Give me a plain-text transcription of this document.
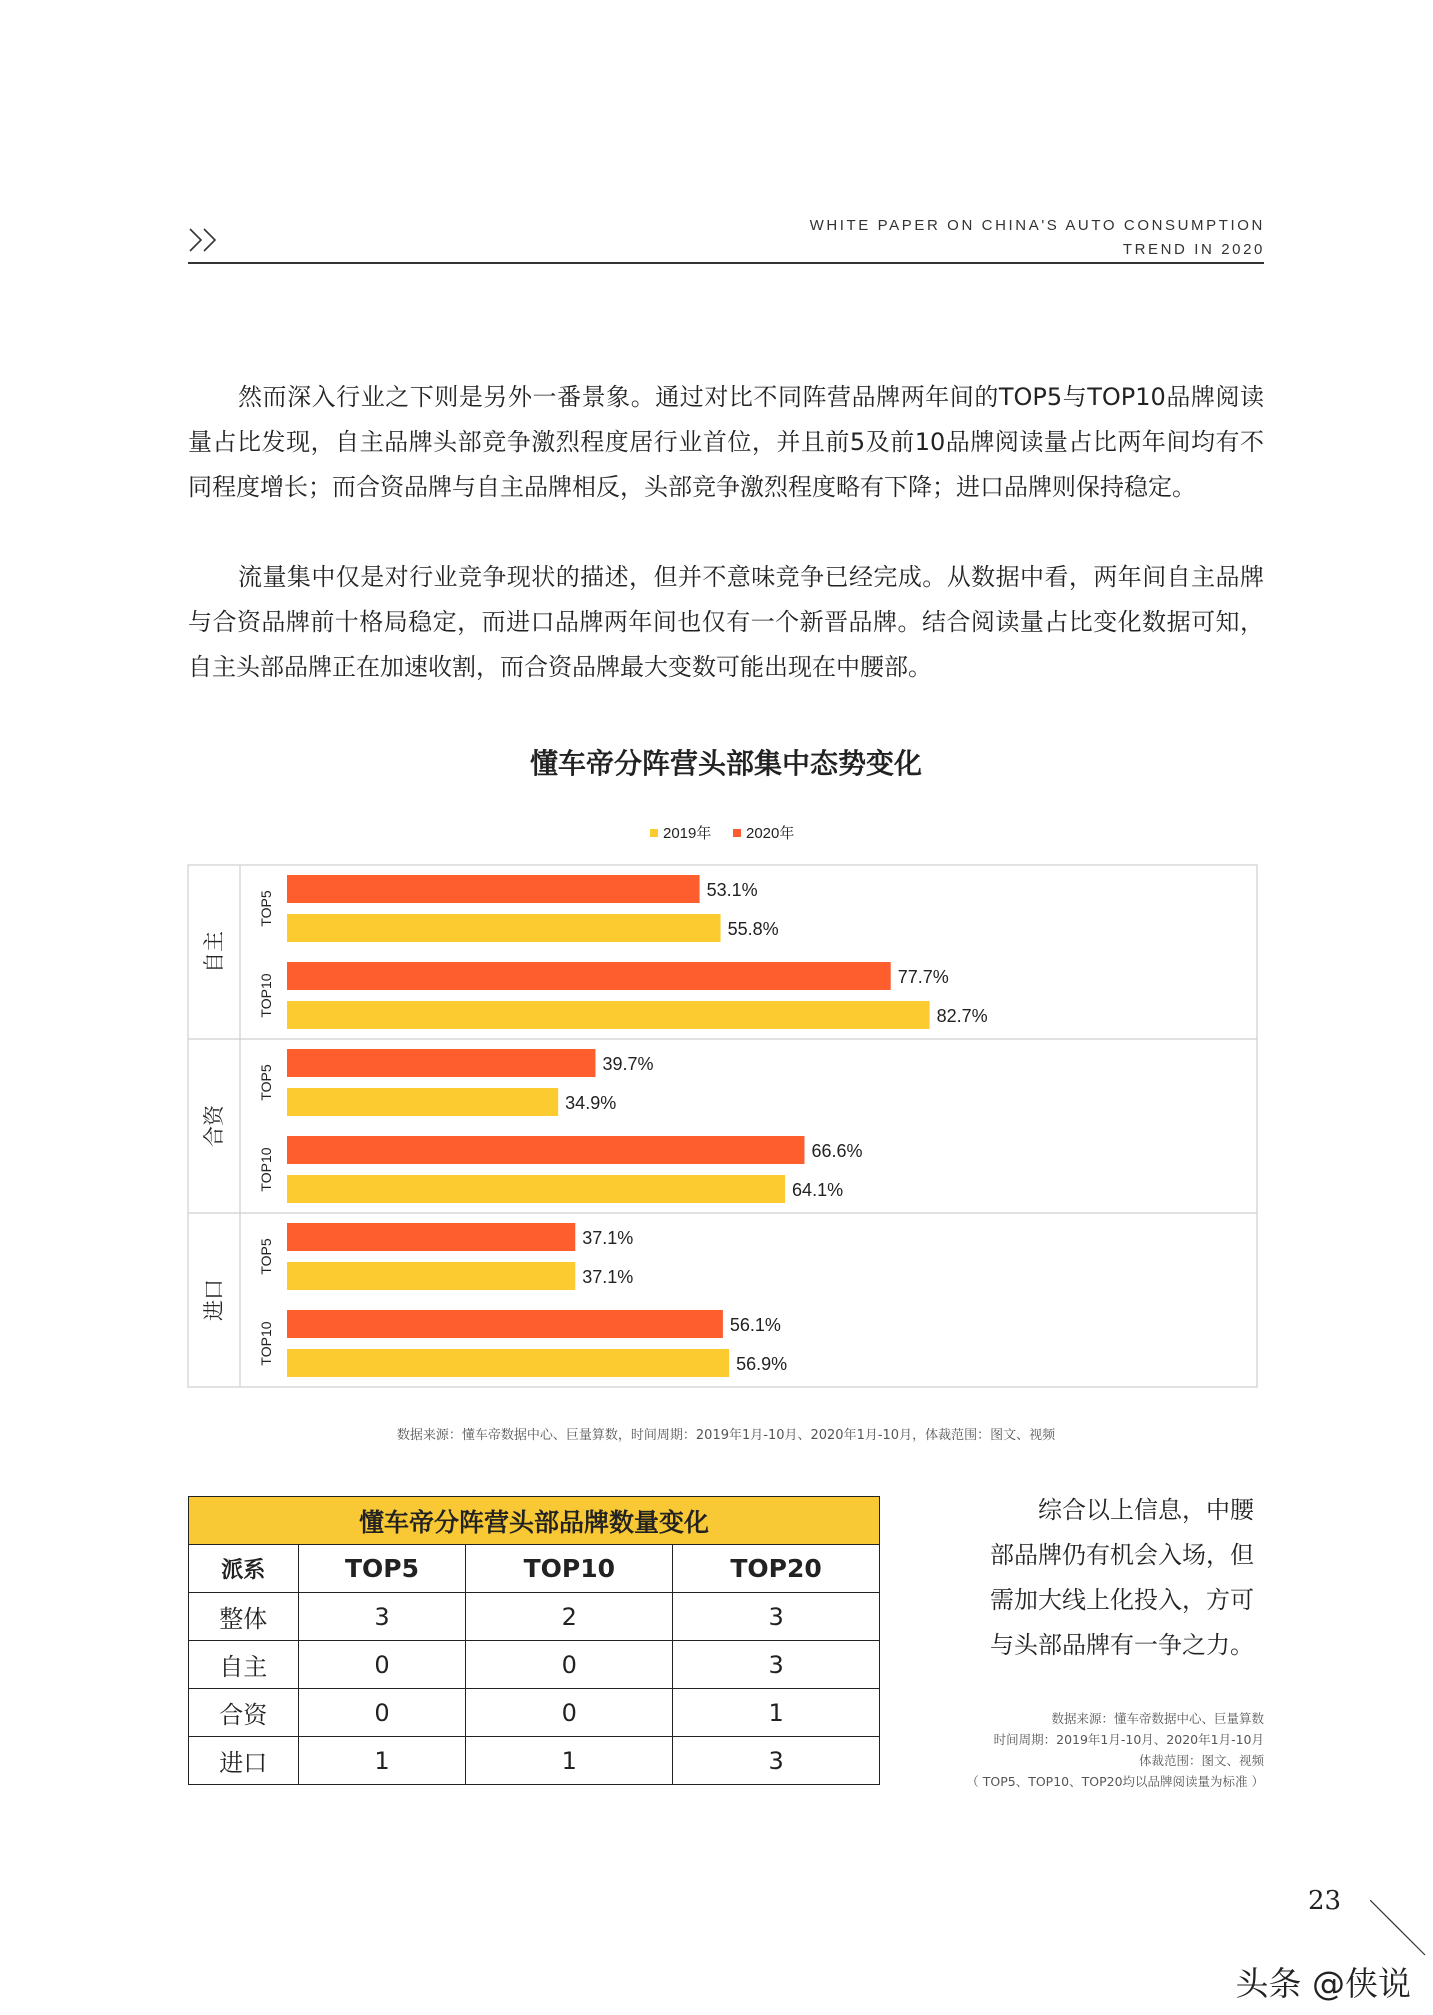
WHITE PAPER ON CHINA'S AUTO CONSUMPTION
TREND IN 2020

然而深入行业之下则是另外一番景象。通过对比不同阵营品牌两年间的TOP5与TOP10品牌阅读量占比发现，自主品牌头部竞争激烈程度居行业首位，并且前5及前10品牌阅读量占比两年间均有不同程度增长；而合资品牌与自主品牌相反，头部竞争激烈程度略有下降；进口品牌则保持稳定。

流量集中仅是对行业竞争现状的描述，但并不意味竞争已经完成。从数据中看，两年间自主品牌与合资品牌前十格局稳定，而进口品牌两年间也仅有一个新晋品牌。结合阅读量占比变化数据可知，自主头部品牌正在加速收割，而合资品牌最大变数可能出现在中腰部。

懂车帝分阵营头部集中态势变化
2019年 2020年
自主
TOP5
53.1%
55.8%
TOP10	77.7%
82.7%
合资
TOP5
39.7%
34.9%
TOP10	66.6%
64.1%
进口
TOP5
37.1%
37.1%
TOP10	56.1%
56.9%
数据来源：懂车帝数据中心、巨量算数，时间周期：2019年1月-10月、2020年1月-10月，体裁范围：图文、视频
懂车帝分阵营头部品牌数量变化			
派系	TOP5	TOP10	TOP20
整体	3	2	3
自主	0	0	3
合资	0	0	1
进口	1	1	3

综合以上信息，中腰部品牌仍有机会入场，但需加大线上化投入，方可与头部品牌有一争之力。

数据来源：懂车帝数据中心、巨量算数
时间周期：2019年1月-10月、2020年1月-10月
体裁范围：图文、视频
（ TOP5、TOP10、TOP20均以品牌阅读量为标准 ）
23
头条 @侠说
